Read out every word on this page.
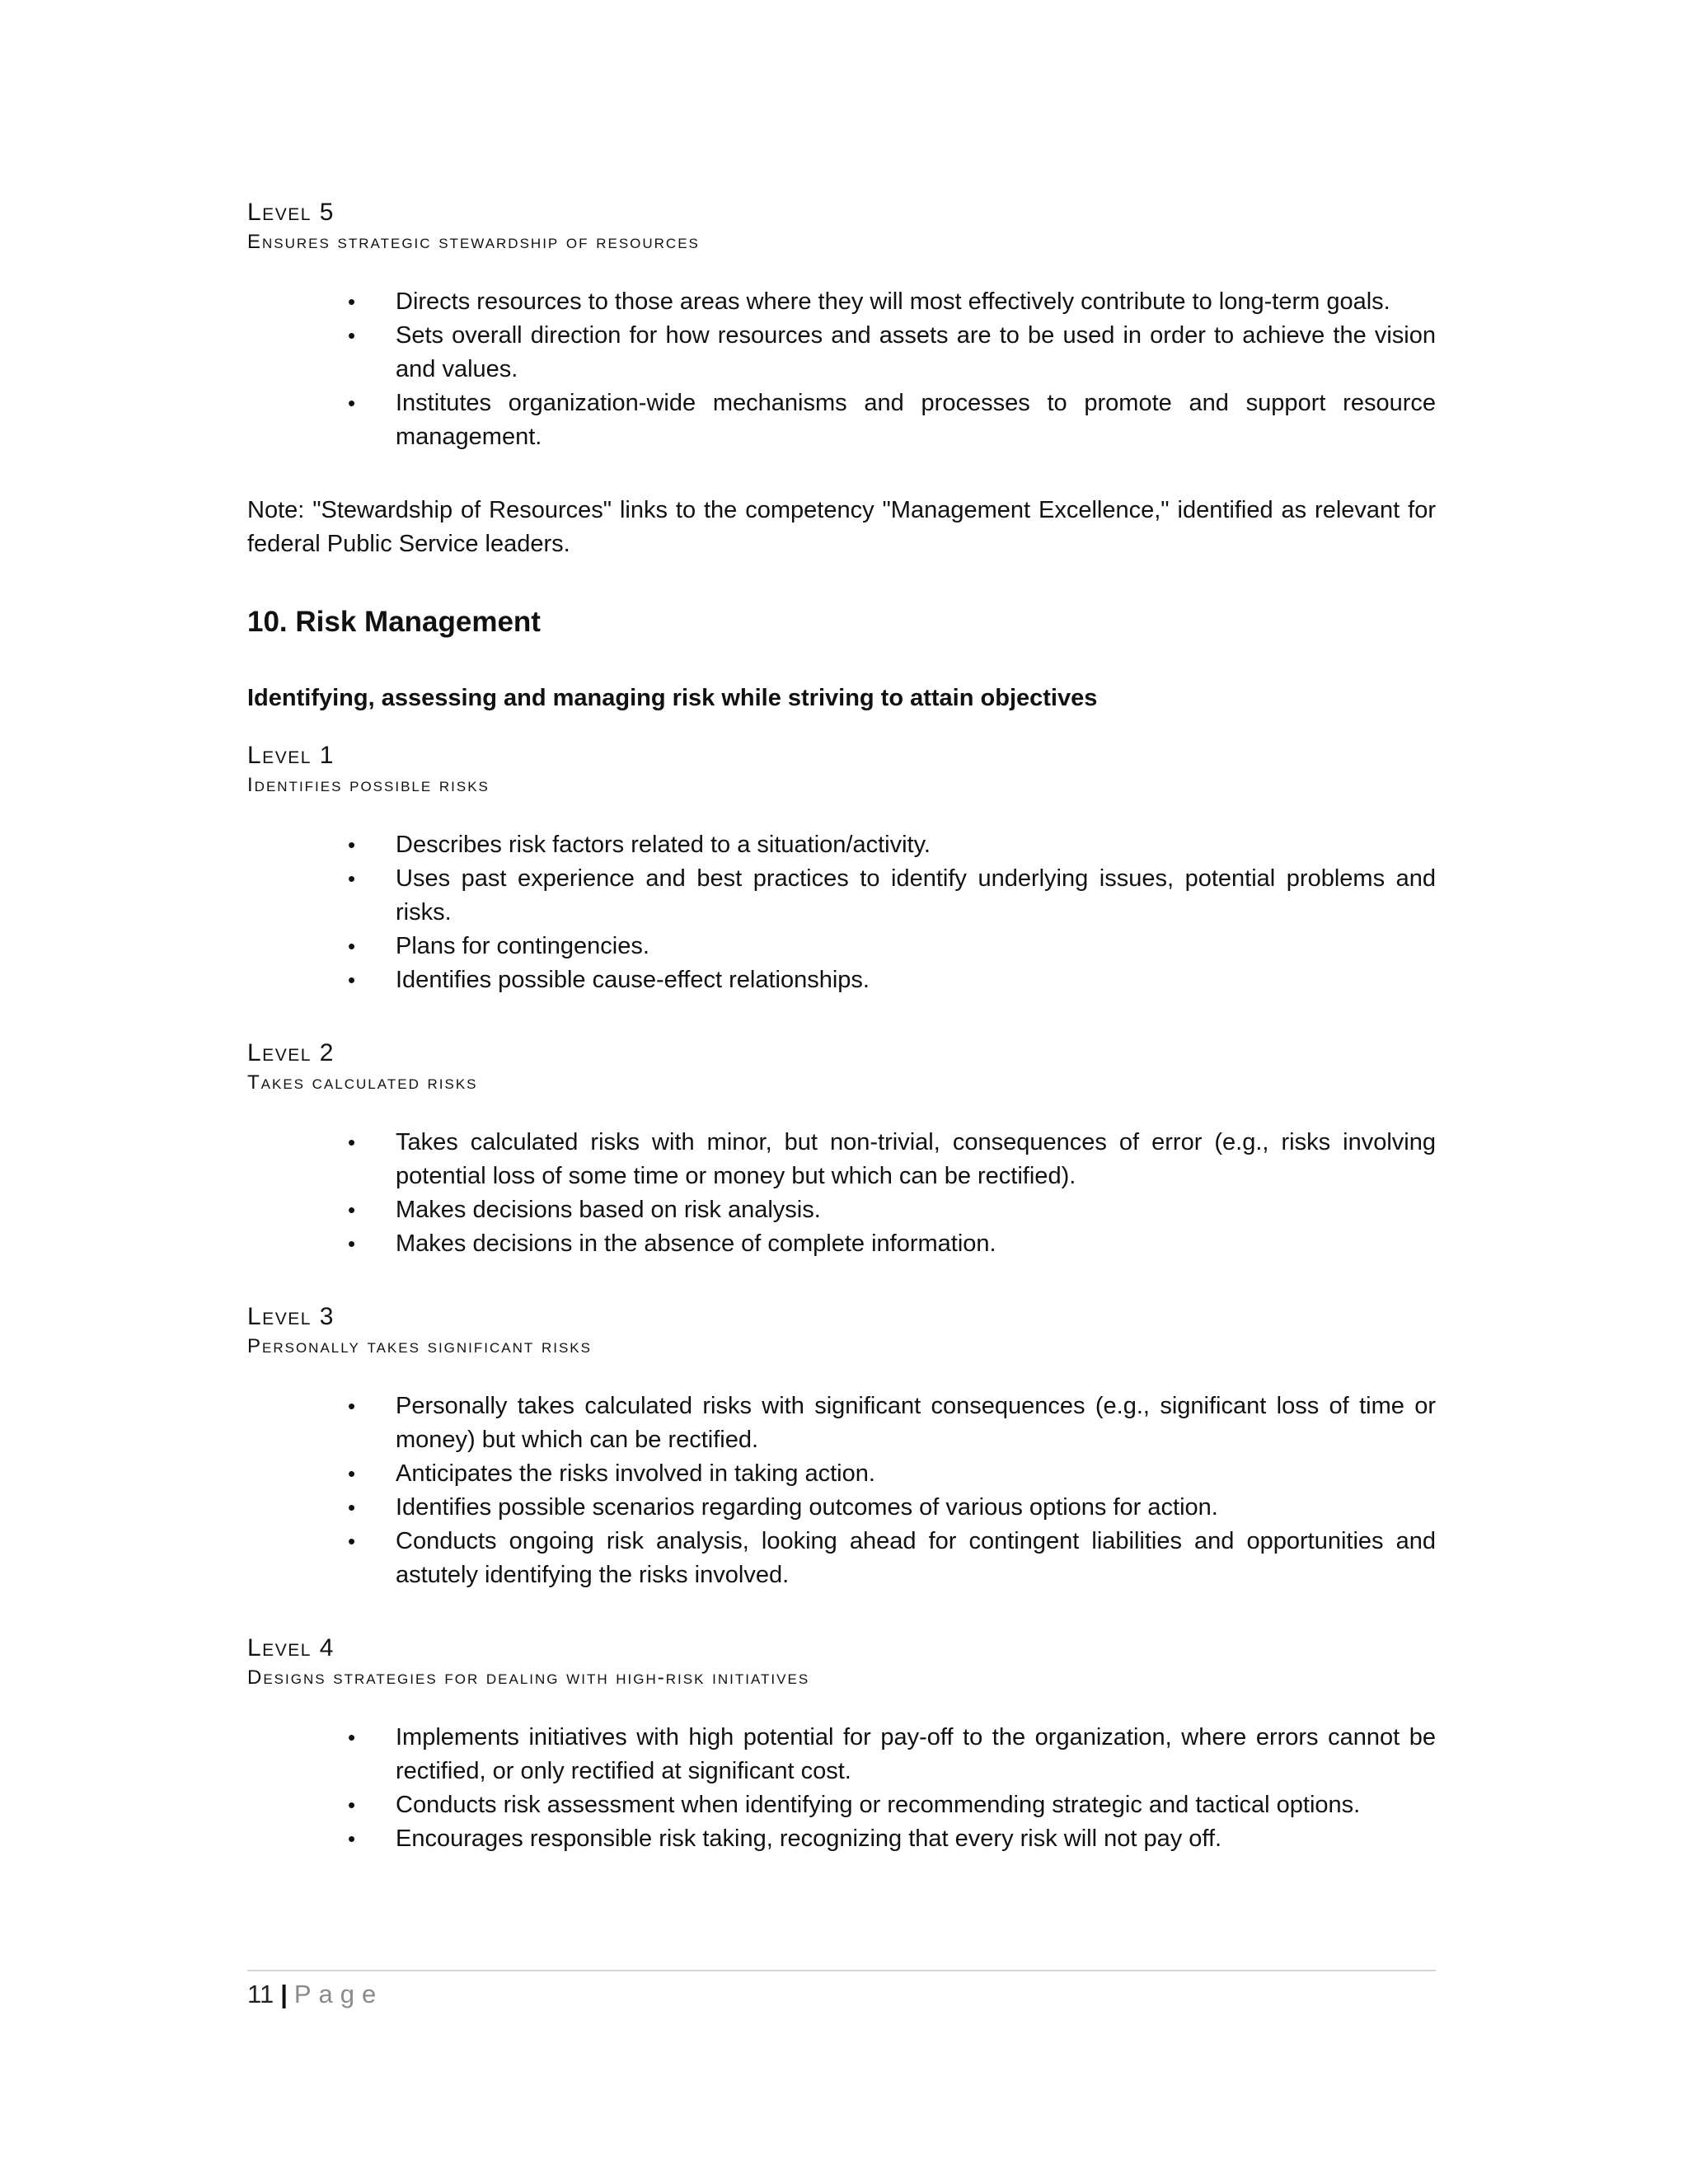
Level 5

Ensures strategic stewardship of resources

• Directs resources to those areas where they will most effectively contribute to long-term goals.
• Sets overall direction for how resources and assets are to be used in order to achieve the vision and values.
• Institutes organization-wide mechanisms and processes to promote and support resource management.

Note: "Stewardship of Resources" links to the competency "Management Excellence," identified as relevant for federal Public Service leaders.

10. Risk Management

Identifying, assessing and managing risk while striving to attain objectives

Level 1

Identifies possible risks

• Describes risk factors related to a situation/activity.
• Uses past experience and best practices to identify underlying issues, potential problems and risks.
• Plans for contingencies.
• Identifies possible cause-effect relationships.

Level 2

Takes calculated risks

• Takes calculated risks with minor, but non-trivial, consequences of error (e.g., risks involving potential loss of some time or money but which can be rectified).
• Makes decisions based on risk analysis.
• Makes decisions in the absence of complete information.

Level 3

Personally takes significant risks

• Personally takes calculated risks with significant consequences (e.g., significant loss of time or money) but which can be rectified.
• Anticipates the risks involved in taking action.
• Identifies possible scenarios regarding outcomes of various options for action.
• Conducts ongoing risk analysis, looking ahead for contingent liabilities and opportunities and astutely identifying the risks involved.

Level 4

Designs strategies for dealing with high-risk initiatives

• Implements initiatives with high potential for pay-off to the organization, where errors cannot be rectified, or only rectified at significant cost.
• Conducts risk assessment when identifying or recommending strategic and tactical options.
• Encourages responsible risk taking, recognizing that every risk will not pay off.
11 | Page
